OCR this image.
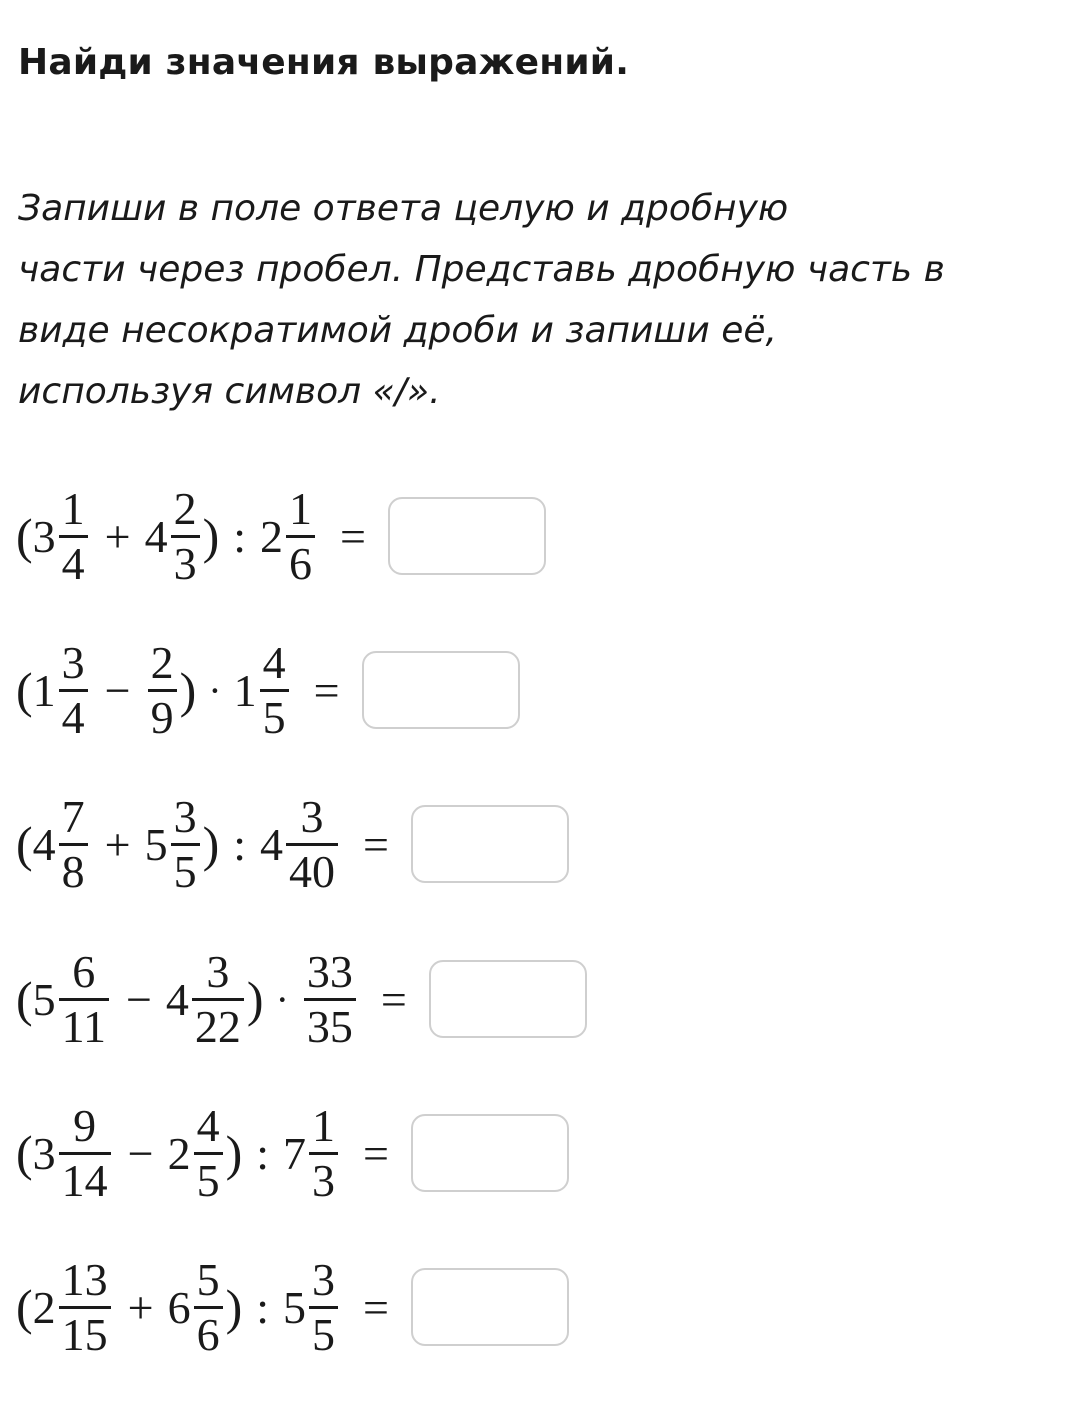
Найди значения выражений.
Запиши в поле ответа целую и дробную
части через пробел. Представь дробную часть в
виде несократимой дроби и запиши её,
используя символ «/».
( $3 \frac{1}{4} + 4 \frac{2}{3}$ ) : $2 \frac{1}{6}$ =
( $1 \frac{3}{4} - \frac{2}{9}$ ) · $1 \frac{4}{5}$ =
( $4 \frac{7}{8} + 5 \frac{3}{5}$ ) : $4 \frac{3}{40}$ =
( $5 \frac{6}{11} - 4 \frac{3}{22}$ ) · $\frac{33}{35}$ =
( $3 \frac{9}{14} - 2 \frac{4}{5}$ ) : $7 \frac{1}{3}$ =
( $2 \frac{13}{15} + 6 \frac{5}{6}$ ) : $5 \frac{3}{5}$ =
